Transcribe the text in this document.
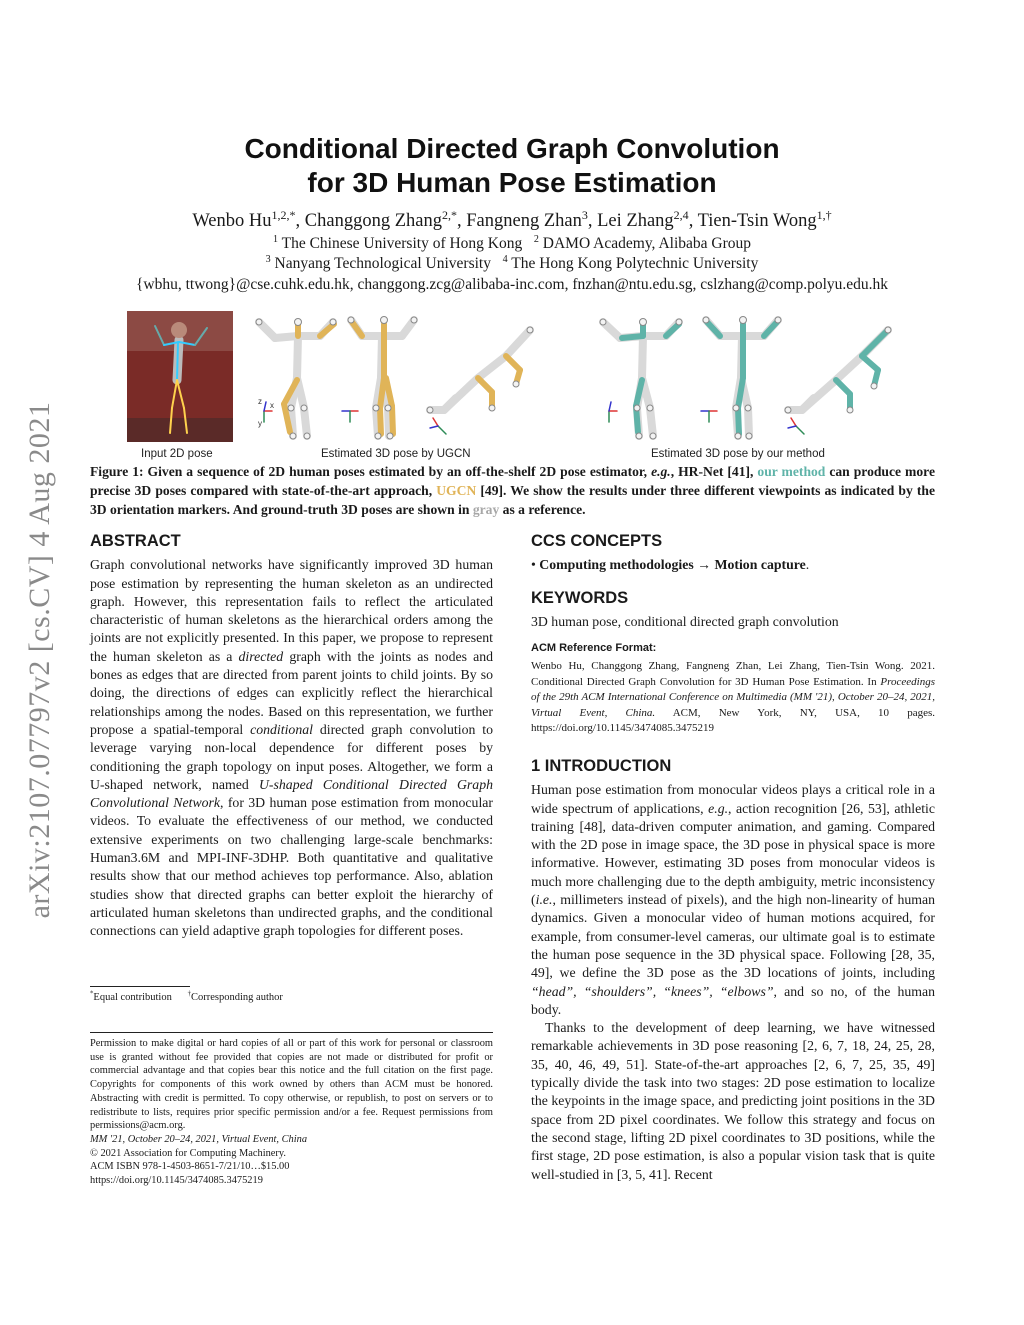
arXiv:2107.07797v2 [cs.CV] 4 Aug 2021
Conditional Directed Graph Convolution
for 3D Human Pose Estimation
Wenbo $Hu^{1,2,*}$, Changgong Zhang$^{2,*}$, Fangneng Zhan$^3$, Lei Zhang$^{2,4}$, Tien-Tsin Wong$^{1,\dagger}$
$^1$ The Chinese University of Hong Kong $^2$ DAMO Academy, Alibaba Group
$^3$ Nanyang Technological University $^4$ The Hong Kong Polytechnic University
{wbhu, ttwong}@cse.cuhk.edu.hk, changgong.zcg@alibaba-inc.com, fnzhan@ntu.edu.sg, cslzhang@comp.polyu.edu.hk
z x
y
Input 2D pose	Estimated 3D pose by UGCN	Estimated 3D pose by our method
Figure 1: Given a sequence of 2D human poses estimated by an off-the-shelf 2D pose estimator, e.g., HR-Net [41], our method can produce more precise 3D poses compared with state-of-the-art approach, UGCN [49]. We show the results under three different viewpoints as indicated by the 3D orientation markers. And ground-truth 3D poses are shown in gray as a reference.

ABSTRACT

Graph convolutional networks have significantly improved 3D human pose estimation by representing the human skeleton as an undirected graph. However, this representation fails to reflect the articulated characteristic of human skeletons as the hierarchical orders among the joints are not explicitly presented. In this paper, we propose to represent the human skeleton as a directed graph with the joints as nodes and bones as edges that are directed from parent joints to child joints. By so doing, the directions of edges can explicitly reflect the hierarchical relationships among the nodes. Based on this representation, we further propose a spatial-temporal conditional directed graph convolution to leverage varying non-local dependence for different poses by conditioning the graph topology on input poses. Altogether, we form a U-shaped network, named U-shaped Conditional Directed Graph Convolutional Network, for 3D human pose estimation from monocular videos. To evaluate the effectiveness of our method, we conducted extensive experiments on two challenging large-scale benchmarks: Human3.6M and MPI-INF-3DHP. Both quantitative and qualitative results show that our method achieves top performance. Also, ablation studies show that directed graphs can better exploit the hierarchy of articulated human skeletons than undirected graphs, and the conditional connections can yield adaptive graph topologies for different poses.

*Equal contribution †Corresponding author

Permission to make digital or hard copies of all or part of this work for personal or classroom use is granted without fee provided that copies are not made or distributed for profit or commercial advantage and that copies bear this notice and the full citation on the first page. Copyrights for components of this work owned by others than ACM must be honored. Abstracting with credit is permitted. To copy otherwise, or republish, to post on servers or to redistribute to lists, requires prior specific permission and/or a fee. Request permissions from permissions@acm.org.

MM '21, October 20–24, 2021, Virtual Event, China

© 2021 Association for Computing Machinery.

ACM ISBN 978-1-4503-8651-7/21/10…$15.00

https://doi.org/10.1145/3474085.3475219

CCS CONCEPTS

• Computing methodologies → Motion capture.

KEYWORDS

3D human pose, conditional directed graph convolution

ACM Reference Format:

Wenbo Hu, Changgong Zhang, Fangneng Zhan, Lei Zhang, Tien-Tsin Wong. 2021. Conditional Directed Graph Convolution for 3D Human Pose Estimation. In Proceedings of the 29th ACM International Conference on Multimedia (MM '21), October 20–24, 2021, Virtual Event, China. ACM, New York, NY, USA, 10 pages. https://doi.org/10.1145/3474085.3475219

1 INTRODUCTION

Human pose estimation from monocular videos plays a critical role in a wide spectrum of applications, e.g., action recognition [26, 53], athletic training [48], data-driven computer animation, and gaming. Compared with the 2D pose in image space, the 3D pose in physical space is more informative. However, estimating 3D poses from monocular videos is much more challenging due to the depth ambiguity, metric inconsistency (i.e., millimeters instead of pixels), and the high non-linearity of human dynamics. Given a monocular video of human motions acquired, for example, from consumer-level cameras, our ultimate goal is to estimate the human pose sequence in the 3D physical space. Following [28, 35, 49], we define the 3D pose as the 3D locations of joints, including “head”, “shoulders”, “knees”, “elbows”, and so no, of the human body.

Thanks to the development of deep learning, we have witnessed remarkable achievements in 3D pose reasoning [2, 6, 7, 18, 24, 25, 28, 35, 40, 46, 49, 51]. State-of-the-art approaches [2, 6, 7, 25, 35, 49] typically divide the task into two stages: 2D pose estimation to localize the keypoints in the image space, and predicting joint positions in the 3D space from 2D pixel coordinates. We follow this strategy and focus on the second stage, lifting 2D pixel coordinates to 3D positions, while the first stage, 2D pose estimation, is also a popular vision task that is quite well-studied in [3, 5, 41]. Recent
